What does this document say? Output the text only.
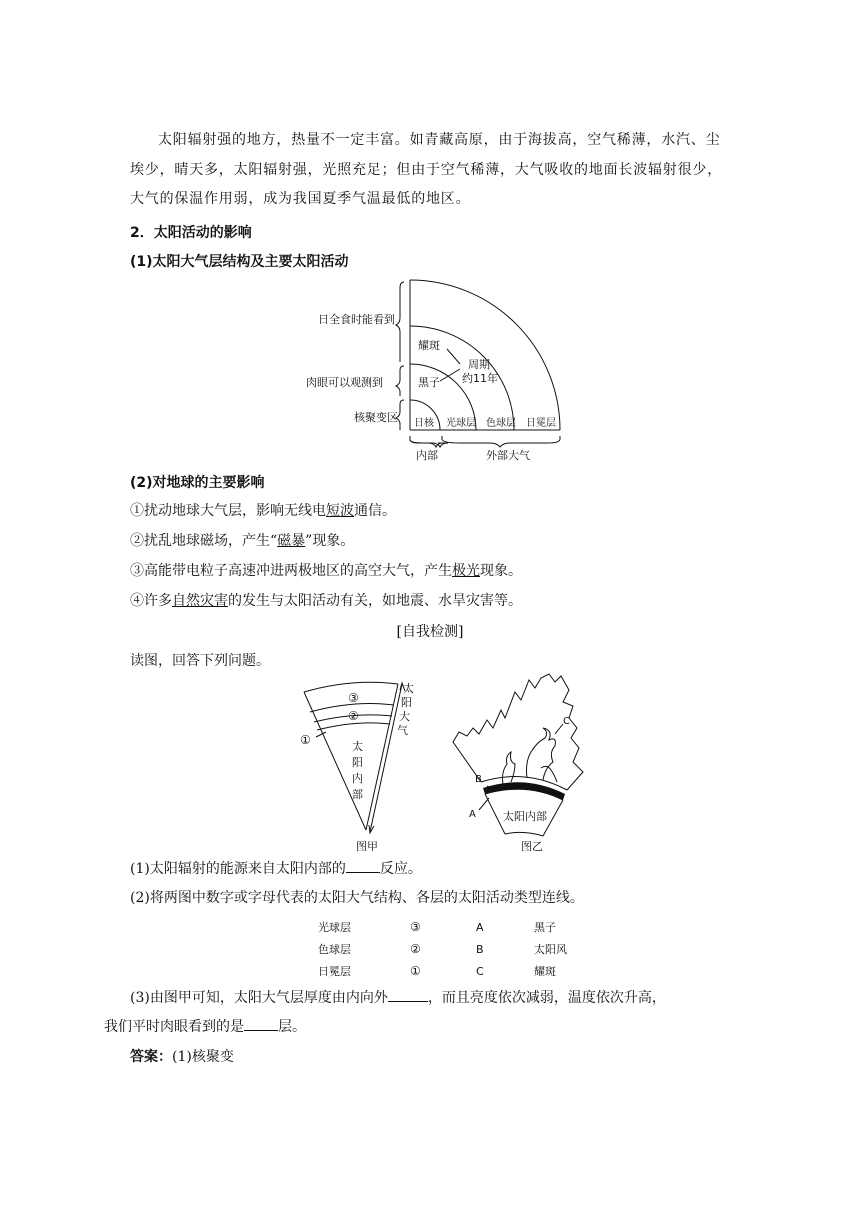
太阳辐射强的地方，热量不一定丰富。如青藏高原，由于海拔高，空气稀薄，水汽、尘埃少，晴天多，太阳辐射强，光照充足；但由于空气稀薄，大气吸收的地面长波辐射很少，大气的保温作用弱，成为我国夏季气温最低的地区。

2．太阳活动的影响
(1)太阳大气层结构及主要太阳活动
日全食时能看到
肉眼可以观测到
核聚变区
耀斑
黑子
周期
约11年
日核 光球层 色球层 日冕层
内部	外部大气
(2)对地球的主要影响
①扰动地球大气层，影响无线电短波通信。
②扰乱地球磁场，产生“磁暴”现象。
③高能带电粒子高速冲进两极地区的高空大气，产生极光现象。
④许多自然灾害的发生与太阳活动有关，如地震、水旱灾害等。
[自我检测]
读图，回答下列问题。
③
②
①
太
阳
大
气
太
阳
内
部
图甲
B
A
C
太阳内部
图乙
(1)太阳辐射的能源来自太阳内部的 反应。
(2)将两图中数字或字母代表的太阳大气结构、各层的太阳活动类型连线。
光球层	③	A	黑子
色球层	②	B	太阳风
日冕层	①	C	耀斑
(3)由图甲可知，太阳大气层厚度由内向外	，而且亮度依次减弱，温度依次升高，
我们平时肉眼看到的是 层。
答案：(1)核聚变
